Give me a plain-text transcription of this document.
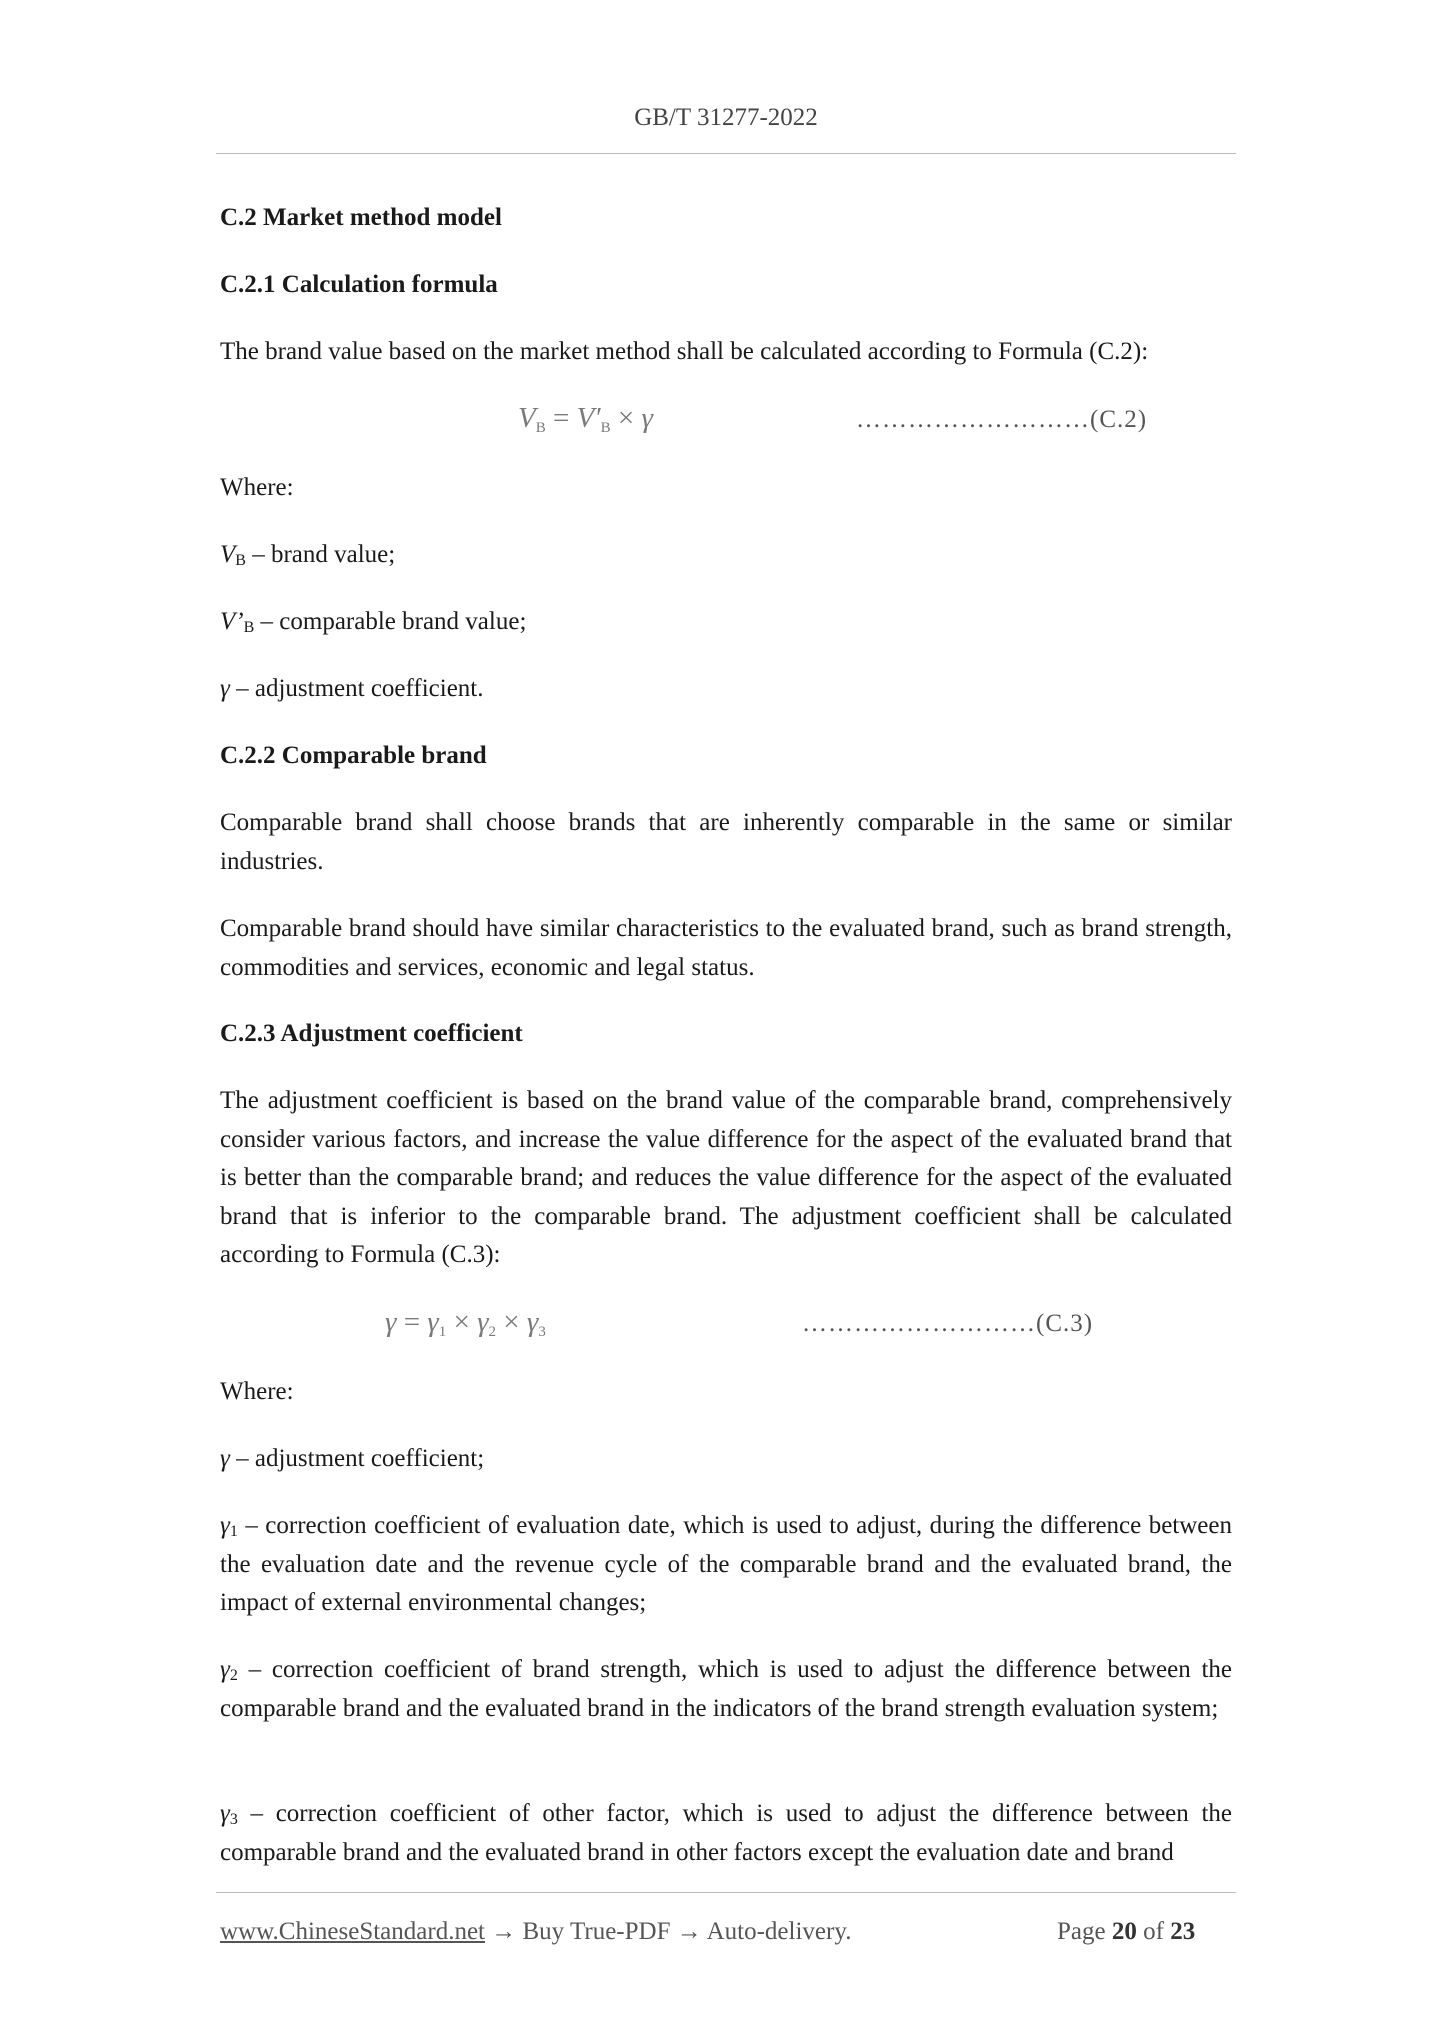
GB/T 31277-2022

C.2 Market method model

C.2.1 Calculation formula

The brand value based on the market method shall be calculated according to Formula (C.2):

$V_B = V'_B \times \gamma$	………………………(C.2)

Where:

$V_B$ – brand value;

$V’_B$ – comparable brand value;

γ – adjustment coefficient.

C.2.2 Comparable brand

Comparable brand shall choose brands that are inherently comparable in the same or similar industries.

Comparable brand should have similar characteristics to the evaluated brand, such as brand strength, commodities and services, economic and legal status.

C.2.3 Adjustment coefficient

The adjustment coefficient is based on the brand value of the comparable brand, comprehensively consider various factors, and increase the value difference for the aspect of the evaluated brand that is better than the comparable brand; and reduces the value difference for the aspect of the evaluated brand that is inferior to the comparable brand. The adjustment coefficient shall be calculated according to Formula (C.3):

$\gamma = \gamma_1 \times \gamma_2 \times \gamma_3$	………………………(C.3)

Where:

γ – adjustment coefficient;

$\gamma_1$ – correction coefficient of evaluation date, which is used to adjust, during the difference between the evaluation date and the revenue cycle of the comparable brand and the evaluated brand, the impact of external environmental changes;

$\gamma_2$ – correction coefficient of brand strength, which is used to adjust the difference between the comparable brand and the evaluated brand in the indicators of the brand strength evaluation system;

$\gamma_3$ – correction coefficient of other factor, which is used to adjust the difference between the comparable brand and the evaluated brand in other factors except the evaluation date and brand

www.ChineseStandard.net → Buy True-PDF → Auto-delivery.	Page 20 of 23
